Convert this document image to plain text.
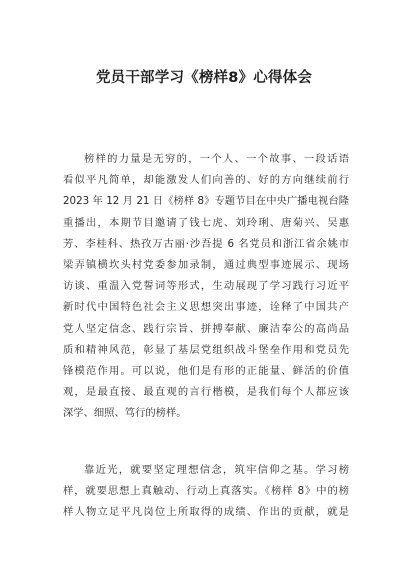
党员干部学习《榜样8》心得体会
榜样的力量是无穷的，一个人、一个故事、一段话语
看似平凡简单，却能激发人们向善的、好的方向继续前行
2023 年 12 月 21 日《榜样 8》专题节目在中央广播电视台隆
重播出，本期节目邀请了钱七虎、刘玲琍、唐菊兴、吴惠
芳、李桂科、热孜万古丽·沙吾提 6 名党员和浙江省余姚市
梁弄镇横坎头村党委参加录制，通过典型事迹展示、现场
访谈、重温入党誓词等形式，生动展现了学习践行习近平
新时代中国特色社会主义思想突出事迹，诠释了中国共产
党人坚定信念、践行宗旨、拼搏奉献、廉洁奉公的高尚品
质和精神风范，彰显了基层党组织战斗堡垒作用和党员先
锋模范作用。可以说，他们是有形的正能量、鲜活的价值
观，是最直接、最直观的言行楷模，是我们每个人都应该
深学、细照、笃行的榜样。
靠近光，就要坚定理想信念，筑牢信仰之基。学习榜
样，就要思想上真触动、行动上真落实。《榜样 8》中的榜
样人物立足平凡岗位上所取得的成绩、作出的贡献，就是
